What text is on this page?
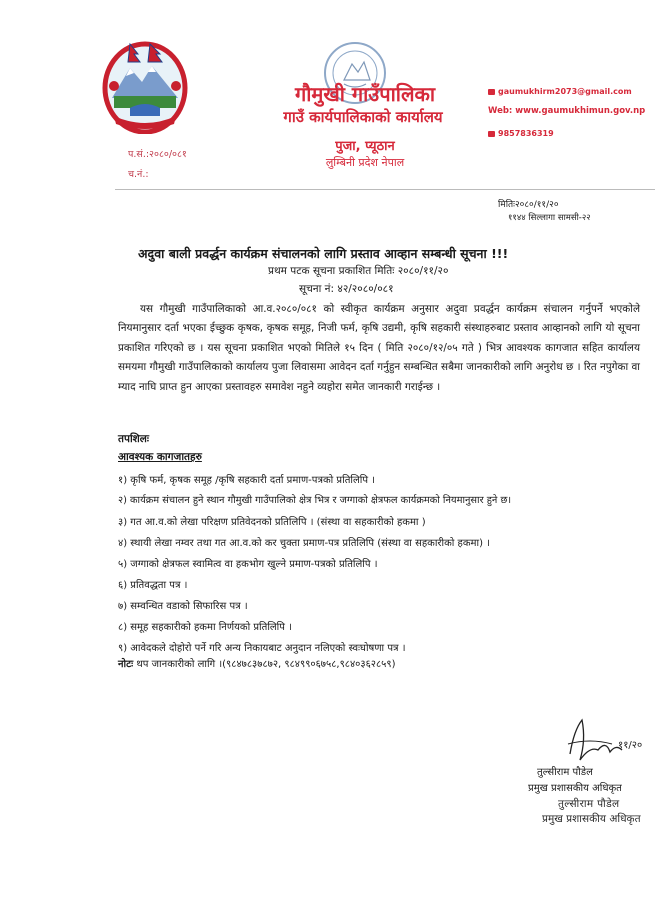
गौमुखी गाउँपालिका
गाउँ कार्यपालिकाको कार्यालय
पुजा, प्यूठान
लुम्बिनी प्रदेश नेपाल
gaumukhirm2073@gmail.com
Web: www.gaumukhimun.gov.np
9857836319
प.सं.:२०८०/०८१
च.नं.:
मितिः२०८०/११/२०
११४४ सिल्लागा सामसी-२२
अदुवा बाली प्रवर्द्धन कार्यक्रम संचालनको लागि प्रस्ताव आव्हान सम्बन्धी सूचना !!!
प्रथम पटक सूचना प्रकाशित मितिः २०८०/११/२०
सूचना नं: ४२/२०८०/०८१

यस गौमुखी गाउँपालिकाको आ.व.२०८०/०८१ को स्वीकृत कार्यक्रम अनुसार अदुवा प्रवर्द्धन कार्यक्रम संचालन गर्नुपर्ने भएकोले नियमानुसार दर्ता भएका ईच्छुक कृषक, कृषक समूह, निजी फर्म, कृषि उद्यमी, कृषि सहकारी संस्थाहरुबाट प्रस्ताव आव्हानको लागि यो सूचना प्रकाशित गरिएको छ । यस सूचना प्रकाशित भएको मितिले १५ दिन ( मिति २०८०/१२/०५ गते ) भित्र आवश्यक कागजात सहित कार्यालय समयमा गौमुखी गाउँपालिकाको कार्यालय पुजा लिवासमा आवेदन दर्ता गर्नुहुन सम्बन्धित सबैमा जानकारीको लागि अनुरोध छ । रित नपुगेका वा म्याद नाघि प्राप्त हुन आएका प्रस्तावहरु समावेश नहुने व्यहोरा समेत जानकारी गराईन्छ ।

तपशिलः
आवश्यक कागजातहरु
१) कृषि फर्म, कृषक समूह /कृषि सहकारी दर्ता प्रमाण-पत्रको प्रतिलिपि ।
२) कार्यक्रम संचालन हुने स्थान गौमुखी गाउँपालिको क्षेत्र भित्र र जग्गाको क्षेत्रफल कार्यक्रमको नियमानुसार हुने छ।
३) गत आ.व.को लेखा परिक्षण प्रतिवेदनको प्रतिलिपि । (संस्था वा सहकारीको हकमा )
४) स्थायी लेखा नम्वर तथा गत आ.व.को कर चुक्ता प्रमाण-पत्र प्रतिलिपि (संस्था वा सहकारीको हकमा) ।
५) जग्गाको क्षेत्रफल स्वामित्व वा हकभोग खुल्ने प्रमाण-पत्रको प्रतिलिपि ।
६) प्रतिवद्धता पत्र ।
७) सम्वन्धित वडाको सिफारिस पत्र ।
८) समूह सहकारीको हकमा निर्णयको प्रतिलिपि ।
९) आवेदकले दोहोरो पर्ने गरि अन्य निकायबाट अनुदान नलिएको स्वःघोषणा पत्र ।
नोटः थप जानकारीको लागि ।(९८४७८३७८७२, ९८४९९०६७५८,९८४०३६२८५९)
११/२०
तुल्सीराम पौडेल
प्रमुख प्रशासकीय अधिकृत
तुल्सीराम पौडेल
प्रमुख प्रशासकीय अधिकृत
